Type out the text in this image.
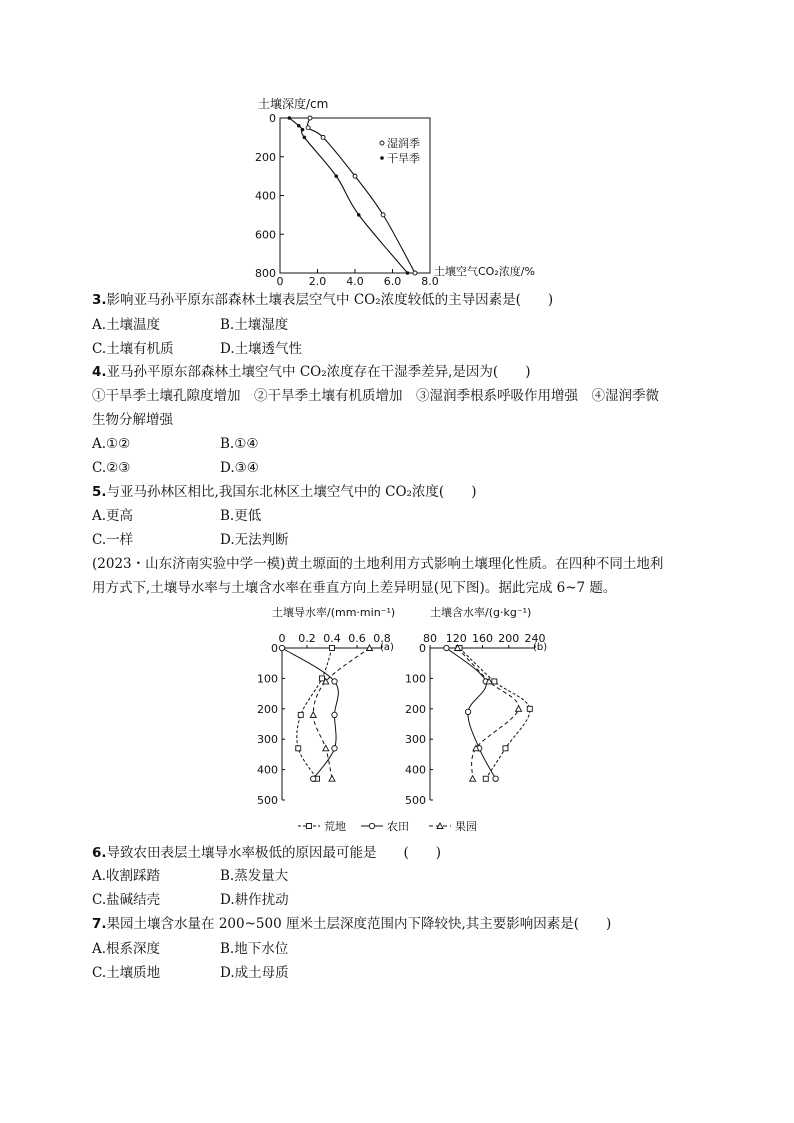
土壤深度/cm
0
200
400
600
800
0 2.0 4.0 6.0 8.0
土壤空气CO₂浓度/%
湿润季
干旱季
3.影响亚马孙平原东部森林土壤表层空气中 CO₂浓度较低的主导因素是(　　)
A.土壤温度	B.土壤湿度
C.土壤有机质	D.土壤透气性
4.亚马孙平原东部森林土壤空气中 CO₂浓度存在干湿季差异,是因为(　　)
①干旱季土壤孔隙度增加　②干旱季土壤有机质增加　③湿润季根系呼吸作用增强　④湿润季微
生物分解增强
A.①②	B.①④
C.②③	D.③④
5.与亚马孙林区相比,我国东北林区土壤空气中的 CO₂浓度(　　)
A.更高	B.更低
C.一样	D.无法判断
(2023・山东济南实验中学一模)黄土塬面的土地利用方式影响土壤理化性质。在四种不同土地利
用方式下,土壤导水率与土壤含水率在垂直方向上差异明显(见下图)。据此完成 6~7 题。
土壤导水率/(mm·min⁻¹)	土壤含水率/(g·kg⁻¹)
0 0.2 0.4 0.6 0.8
0
100
200
300
400
500
80 120 160 200 240
0
100
200
300
400
500
(a)	(b)
荒地	农田	果园
6.导致农田表层土壤导水率极低的原因最可能是　　(　　)
A.收割踩踏	B.蒸发量大
C.盐碱结壳	D.耕作扰动
7.果园土壤含水量在 200~500 厘米土层深度范围内下降较快,其主要影响因素是(　　)
A.根系深度	B.地下水位
C.土壤质地	D.成土母质
